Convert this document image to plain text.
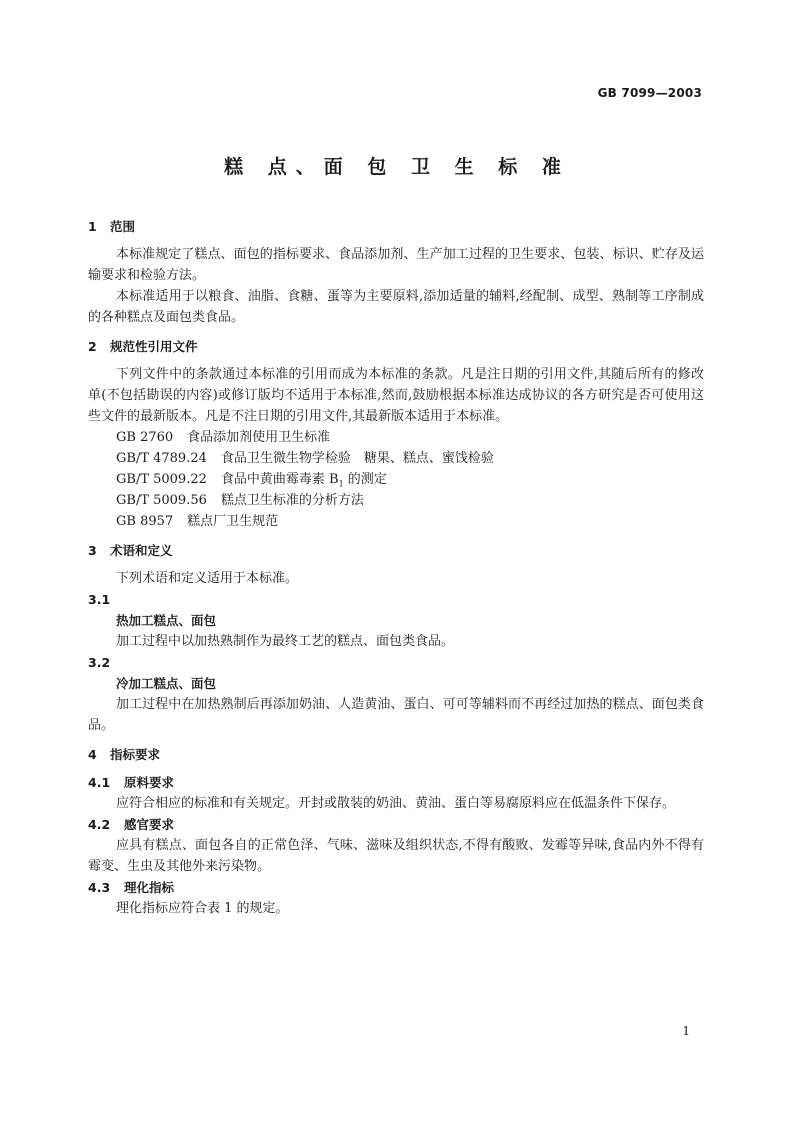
GB 7099—2003
糕 点、面 包 卫 生 标 准
1 范围

本标准规定了糕点、面包的指标要求、食品添加剂、生产加工过程的卫生要求、包装、标识、贮存及运输要求和检验方法。

本标准适用于以粮食、油脂、食糖、蛋等为主要原料,添加适量的辅料,经配制、成型、熟制等工序制成的各种糕点及面包类食品。

2 规范性引用文件

下列文件中的条款通过本标准的引用而成为本标准的条款。凡是注日期的引用文件,其随后所有的修改单(不包括勘误的内容)或修订版均不适用于本标准,然而,鼓励根据本标准达成协议的各方研究是否可使用这些文件的最新版本。凡是不注日期的引用文件,其最新版本适用于本标准。

GB 2760 食品添加剂使用卫生标准
GB/T 4789.24 食品卫生微生物学检验　糖果、糕点、蜜饯检验
GB/T 5009.22 食品中黄曲霉毒素 $B_1$ 的测定
GB/T 5009.56 糕点卫生标准的分析方法
GB 8957 糕点厂卫生规范
3 术语和定义

下列术语和定义适用于本标准。

3.1
热加工糕点、面包

加工过程中以加热熟制作为最终工艺的糕点、面包类食品。

3.2
冷加工糕点、面包

加工过程中在加热熟制后再添加奶油、人造黄油、蛋白、可可等辅料而不再经过加热的糕点、面包类食品。

4 指标要求
4.1 原料要求

应符合相应的标准和有关规定。开封或散装的奶油、黄油、蛋白等易腐原料应在低温条件下保存。

4.2 感官要求

应具有糕点、面包各自的正常色泽、气味、滋味及组织状态,不得有酸败、发霉等异味,食品内外不得有霉变、生虫及其他外来污染物。

4.3 理化指标

理化指标应符合表 1 的规定。

1
